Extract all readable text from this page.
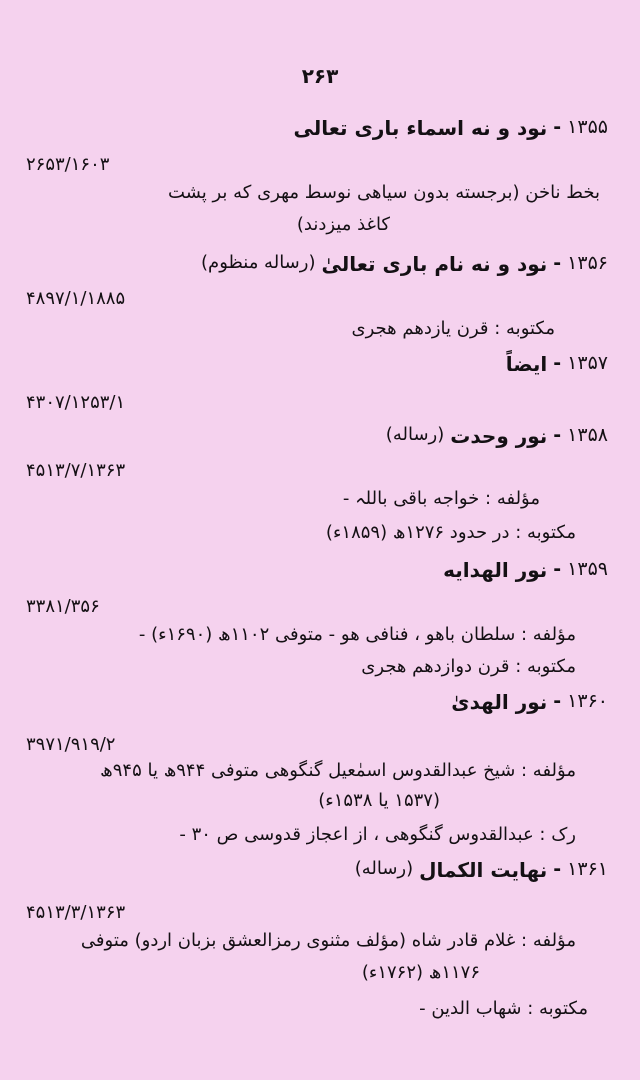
۲۶۳
۱۳۵۵
-
نود و نه اسماء باری تعالی
۲۶۵۳/۱۶۰۳
بخط ناخن (برجسته بدون سیاهی نوسط مهری که بر پشت
کاغذ میزدند)
۱۳۵۶
-
نود و نه نام باری تعالیٰ
(رساله منظوم)
۴۸۹۷/۱/۱۸۸۵
مکتوبه : قرن یازدهم هجری
۱۳۵۷
-
ایضاً
۴۳۰۷/۱۲۵۳/۱
۱۳۵۸
-
نور وحدت
(رساله)
۴۵۱۳/۷/۱۳۶۳
مؤلفه : خواجه باقی باللہ -
مکتوبه : در حدود ۱۲۷۶ھ (۱۸۵۹ء)
۱۳۵۹
-
نور الهدایه
۳۳۸۱/۳۵۶
مؤلفه : سلطان باهو ، فنافی هو - متوفی ۱۱۰۲ھ (۱۶۹۰ء) -
مکتوبه : قرن دوازدهم هجری
۱۳۶۰
-
نور الهدیٰ
۳۹۷۱/۹۱۹/۲
مؤلفه : شیخ عبدالقدوس اسمٰعیل گنگوهی متوفی ۹۴۴ھ یا ۹۴۵ھ
(۱۵۳۷ یا ۱۵۳۸ء)
رک : عبدالقدوس گنگوهی ، از اعجاز قدوسی ص ۳۰ -
۱۳۶۱
-
نهایت الکمال
(رساله)
۴۵۱۳/۳/۱۳۶۳
مؤلفه : غلام قادر شاه (مؤلف مثنوی رمزالعشق بزبان اردو) متوفی
۱۱۷۶ھ (۱۷۶۲ء)
مکتوبه : شهاب الدین -
